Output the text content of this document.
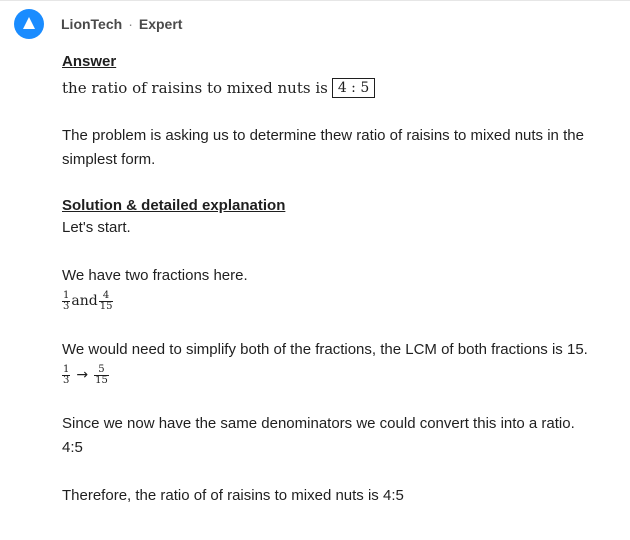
LionTech · Expert
Answer
the ratio of raisins to mixed nuts is 4 : 5

The problem is asking us to determine thew ratio of raisins to mixed nuts in the simplest form.

Solution & detailed explanation

Let's start.

We have two fractions here.

$\frac{1}{3}$ and $\frac{4}{15}$

We would need to simplify both of the fractions, the LCM of both fractions is 15.

$\frac{1}{3} \to \frac{5}{15}$

Since we now have the same denominators we could convert this into a ratio.

4:5

Therefore, the ratio of of raisins to mixed nuts is 4:5
